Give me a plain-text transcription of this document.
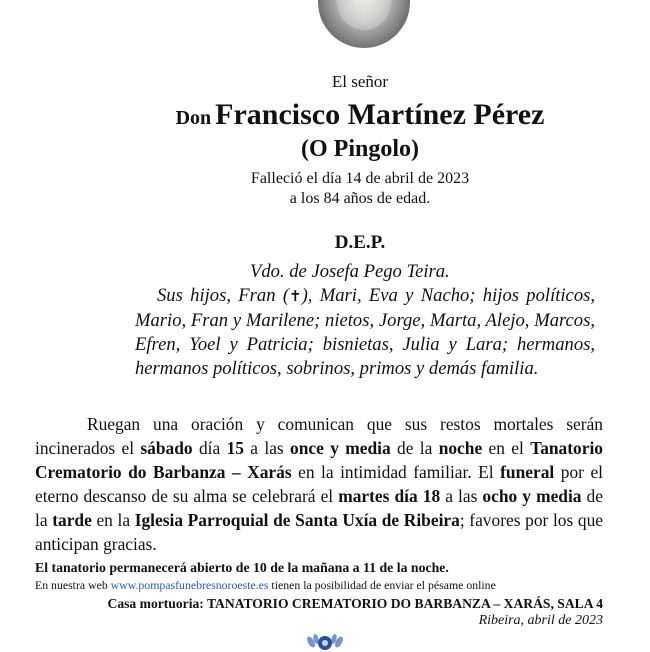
El señor
Don Francisco Martínez Pérez
(O Pingolo)
Falleció el día 14 de abril de 2023
a los 84 años de edad.
D.E.P.
Vdo. de Josefa Pego Teira.

Sus hijos, Fran (✝), Mari, Eva y Nacho; hijos políticos, Mario, Fran y Marilene; nietos, Jorge, Marta, Alejo, Marcos, Efren, Yoel y Patricia; bisnietas, Julia y Lara; hermanos, hermanos políticos, sobrinos, primos y demás familia.

Ruegan una oración y comunican que sus restos mortales serán incinerados el sábado día 15 a las once y media de la noche en el Tanatorio Crematorio do Barbanza – Xarás en la intimidad familiar. El funeral por el eterno descanso de su alma se celebrará el martes día 18 a las ocho y media de la tarde en la Iglesia Parroquial de Santa Uxía de Ribeira; favores por los que anticipan gracias.

El tanatorio permanecerá abierto de 10 de la mañana a 11 de la noche.
En nuestra web www.pompasfunebresnoroeste.es tienen la posibilidad de enviar el pésame online
Casa mortuoria: TANATORIO CREMATORIO DO BARBANZA – XARÁS, SALA 4
Ribeira, abril de 2023
